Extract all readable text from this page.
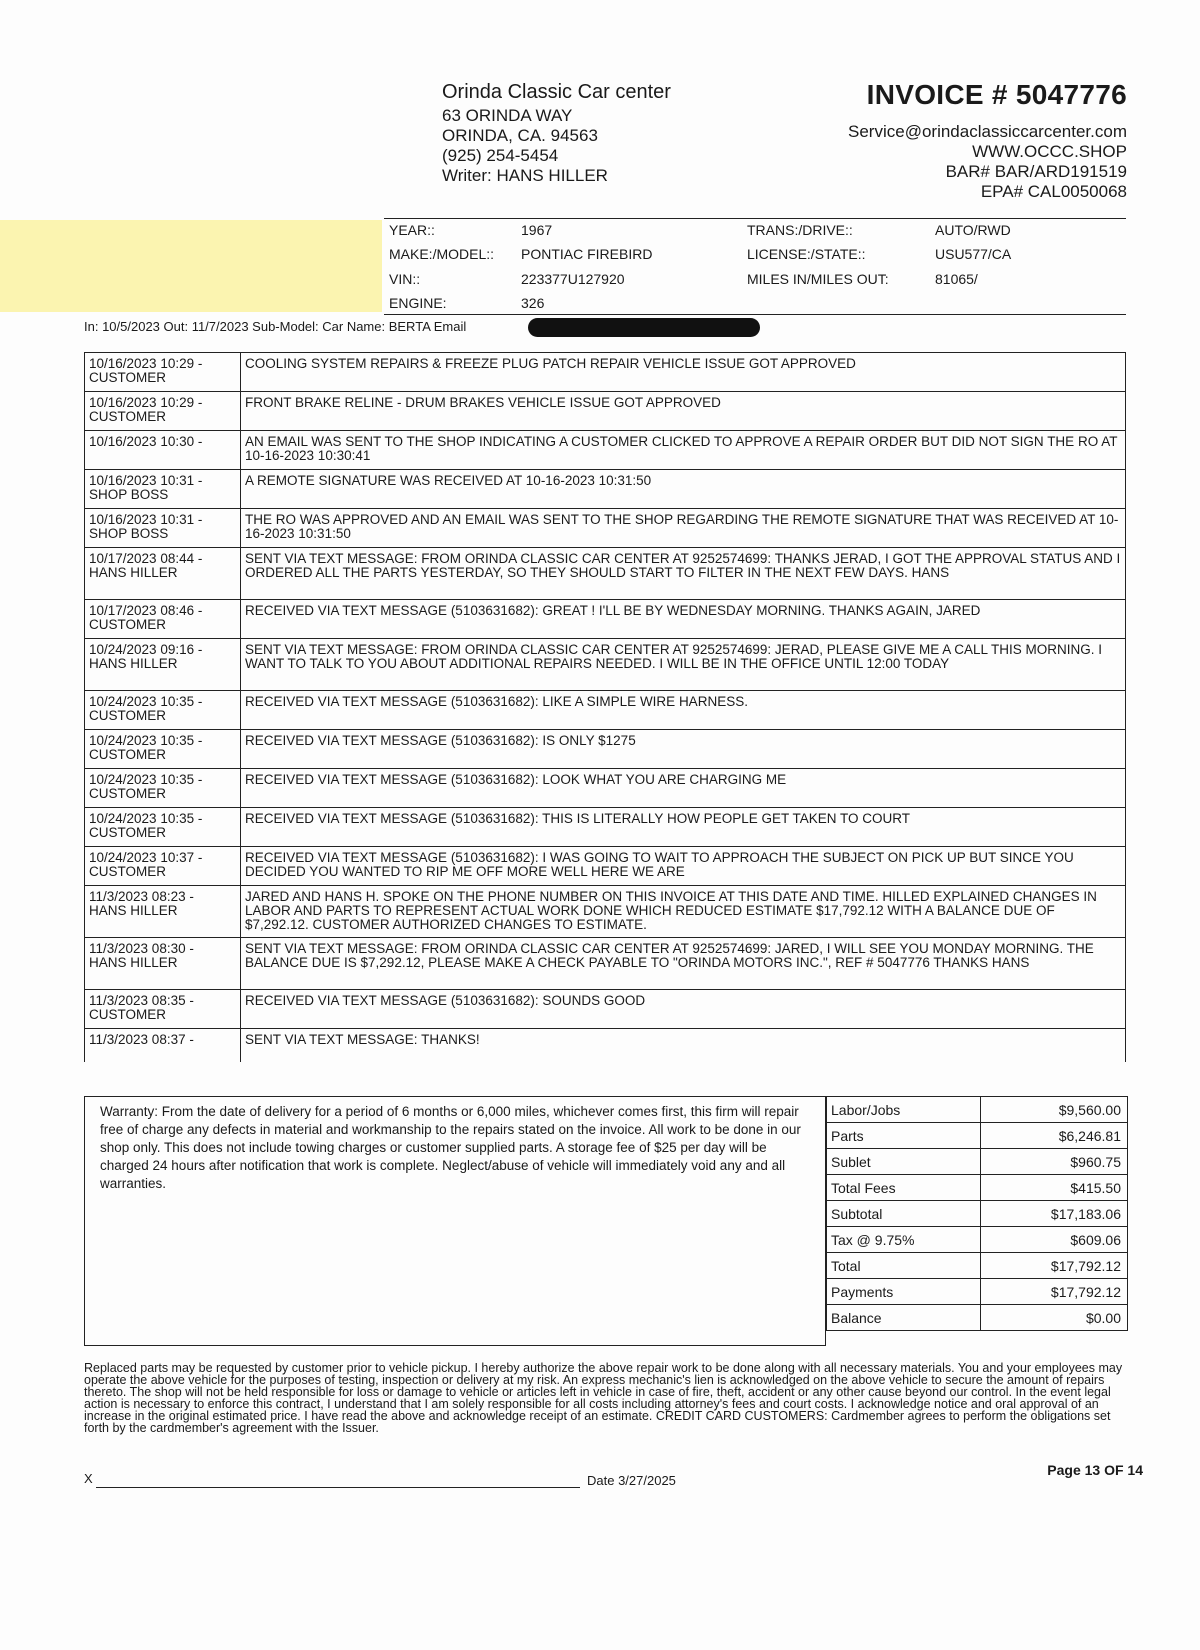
Orinda Classic Car center
63 ORINDA WAY
ORINDA, CA. 94563
(925) 254-5454
Writer: HANS HILLER
INVOICE # 5047776
Service@orindaclassiccarcenter.com
WWW.OCCC.SHOP
BAR# BAR/ARD191519
EPA# CAL0050068
YEAR::	1967	TRANS:/DRIVE::	AUTO/RWD
MAKE:/MODEL:: PONTIAC FIREBIRD	LICENSE:/STATE::	USU577/CA
VIN::	223377U127920	MILES IN/MILES OUT:	81065/
ENGINE:	326
In: 10/5/2023 Out: 11/7/2023 Sub-Model: Car Name: BERTA Email
10/16/2023 10:29 -
CUSTOMER	COOLING SYSTEM REPAIRS & FREEZE PLUG PATCH REPAIR VEHICLE ISSUE GOT APPROVED

10/16/2023 10:29 -
CUSTOMER	FRONT BRAKE RELINE - DRUM BRAKES VEHICLE ISSUE GOT APPROVED

10/16/2023 10:30 -	AN EMAIL WAS SENT TO THE SHOP INDICATING A CUSTOMER CLICKED TO APPROVE A REPAIR ORDER BUT DID NOT SIGN THE RO AT 10-16-2023 10:30:41

10/16/2023 10:31 -
SHOP BOSS	A REMOTE SIGNATURE WAS RECEIVED AT 10-16-2023 10:31:50

10/16/2023 10:31 -
SHOP BOSS	THE RO WAS APPROVED AND AN EMAIL WAS SENT TO THE SHOP REGARDING THE REMOTE SIGNATURE THAT WAS RECEIVED AT 10-16-2023 10:31:50

10/17/2023 08:44 -
HANS HILLER	SENT VIA TEXT MESSAGE: FROM ORINDA CLASSIC CAR CENTER AT 9252574699: THANKS JERAD, I GOT THE APPROVAL STATUS AND I ORDERED ALL THE PARTS YESTERDAY, SO THEY SHOULD START TO FILTER IN THE NEXT FEW DAYS. HANS

10/17/2023 08:46 -
CUSTOMER	RECEIVED VIA TEXT MESSAGE (5103631682): GREAT ! I'LL BE BY WEDNESDAY MORNING. THANKS AGAIN, JARED

10/24/2023 09:16 -
HANS HILLER	SENT VIA TEXT MESSAGE: FROM ORINDA CLASSIC CAR CENTER AT 9252574699: JERAD, PLEASE GIVE ME A CALL THIS MORNING. I WANT TO TALK TO YOU ABOUT ADDITIONAL REPAIRS NEEDED. I WILL BE IN THE OFFICE UNTIL 12:00 TODAY

10/24/2023 10:35 -
CUSTOMER	RECEIVED VIA TEXT MESSAGE (5103631682): LIKE A SIMPLE WIRE HARNESS.

10/24/2023 10:35 -
CUSTOMER	RECEIVED VIA TEXT MESSAGE (5103631682): IS ONLY $1275

10/24/2023 10:35 -
CUSTOMER	RECEIVED VIA TEXT MESSAGE (5103631682): LOOK WHAT YOU ARE CHARGING ME

10/24/2023 10:35 -
CUSTOMER	RECEIVED VIA TEXT MESSAGE (5103631682): THIS IS LITERALLY HOW PEOPLE GET TAKEN TO COURT

10/24/2023 10:37 -
CUSTOMER	RECEIVED VIA TEXT MESSAGE (5103631682): I WAS GOING TO WAIT TO APPROACH THE SUBJECT ON PICK UP BUT SINCE YOU DECIDED YOU WANTED TO RIP ME OFF MORE WELL HERE WE ARE

11/3/2023 08:23 -
HANS HILLER	JARED AND HANS H. SPOKE ON THE PHONE NUMBER ON THIS INVOICE AT THIS DATE AND TIME. HILLED EXPLAINED CHANGES IN LABOR AND PARTS TO REPRESENT ACTUAL WORK DONE WHICH REDUCED ESTIMATE $17,792.12 WITH A BALANCE DUE OF $7,292.12. CUSTOMER AUTHORIZED CHANGES TO ESTIMATE.

11/3/2023 08:30 -
HANS HILLER	SENT VIA TEXT MESSAGE: FROM ORINDA CLASSIC CAR CENTER AT 9252574699: JARED, I WILL SEE YOU MONDAY MORNING. THE BALANCE DUE IS $7,292.12, PLEASE MAKE A CHECK PAYABLE TO "ORINDA MOTORS INC.", REF # 5047776 THANKS HANS

11/3/2023 08:35 -
CUSTOMER	RECEIVED VIA TEXT MESSAGE (5103631682): SOUNDS GOOD

11/3/2023 08:37 -	SENT VIA TEXT MESSAGE: THANKS!
Warranty: From the date of delivery for a period of 6 months or 6,000 miles, whichever comes first, this firm will repair free of charge any defects in material and workmanship to the repairs stated on the invoice. All work to be done in our shop only. This does not include towing charges or customer supplied parts. A storage fee of $25 per day will be charged 24 hours after notification that work is complete. Neglect/abuse of vehicle will immediately void any and all warranties.
Labor/Jobs	$9,560.00
Parts	$6,246.81
Sublet	$960.75
Total Fees	$415.50
Subtotal	$17,183.06
Tax @ 9.75%	$609.06
Total	$17,792.12
Payments	$17,792.12
Balance	$0.00
Replaced parts may be requested by customer prior to vehicle pickup. I hereby authorize the above repair work to be done along with all necessary materials. You and your employees may operate the above vehicle for the purposes of testing, inspection or delivery at my risk. An express mechanic's lien is acknowledged on the above vehicle to secure the amount of repairs thereto. The shop will not be held responsible for loss or damage to vehicle or articles left in vehicle in case of fire, theft, accident or any other cause beyond our control. In the event legal action is necessary to enforce this contract, I understand that I am solely responsible for all costs including attorney's fees and court costs. I acknowledge notice and oral approval of an increase in the original estimated price. I have read the above and acknowledge receipt of an estimate. CREDIT CARD CUSTOMERS: Cardmember agrees to perform the obligations set forth by the cardmember's agreement with the Issuer.
X	Date 3/27/2025
Page 13 OF 14
